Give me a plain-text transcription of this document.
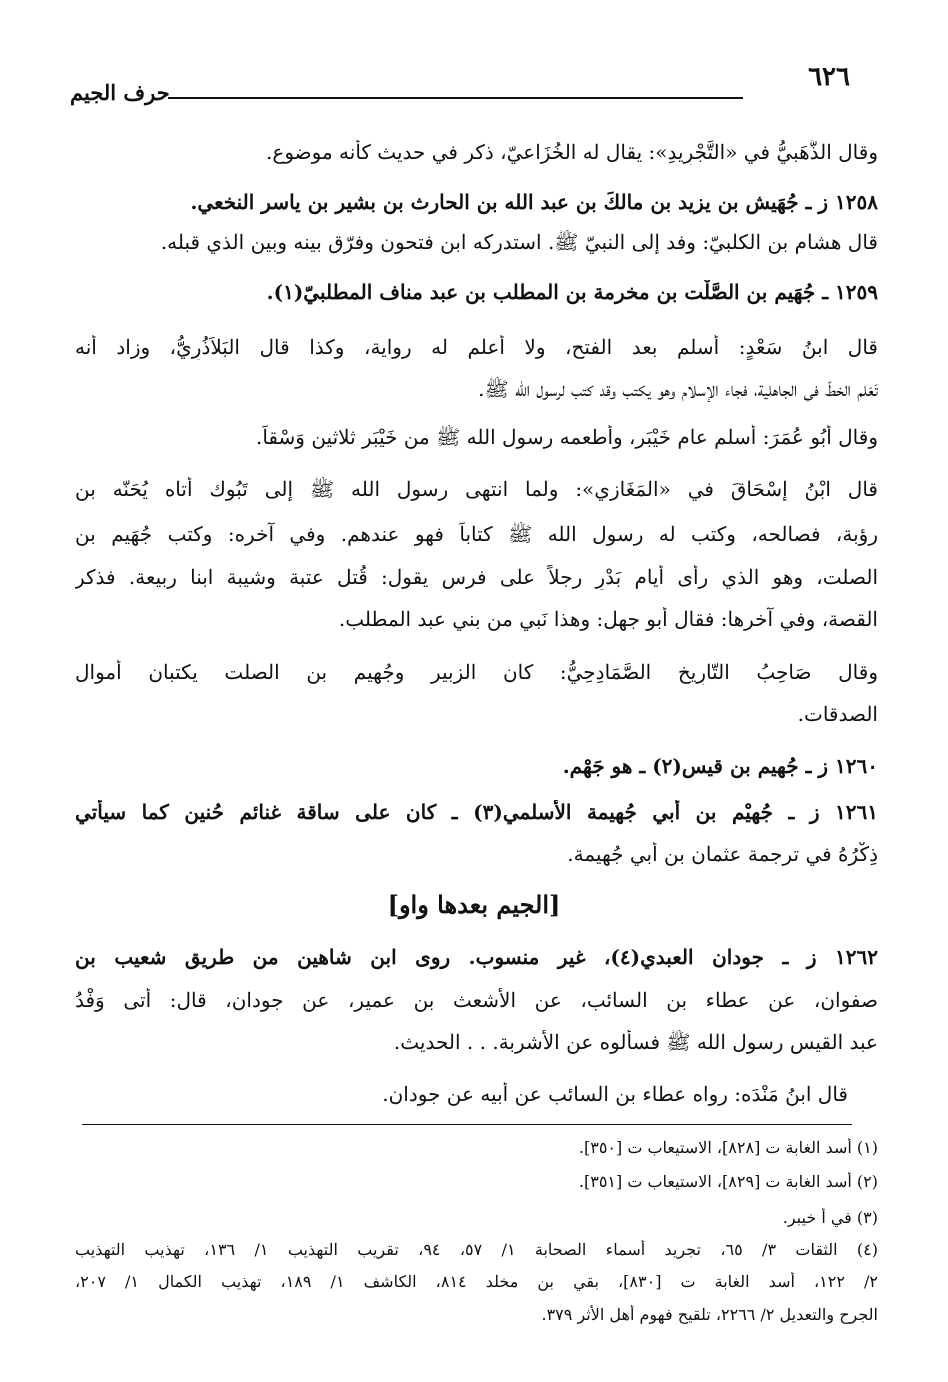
٦٢٦
حرف الجيم
وقال الذَّهَبيُّ في «التَّجْرِيدِ»: يقال له الخُزَاعيّ، ذكر في حديث كأنه موضوع.
١٢٥٨ ز ـ جُهَيش بن يزيد بن مالكَ بن عبد الله بن الحارث بن بشير بن ياسر النخعي.
قال هشام بن الكلبيّ: وفد إلى النبيّ ﷺ. استدركه ابن فتحون وفرّق بينه وبين الذي قبله.
١٢٥٩ ـ جُهَيم بن الصَّلْت بن مخرمة بن المطلب بن عبد مناف المطلبيّ(١).
قال ابنُ سَعْدٍ: أسلم بعد الفتح، ولا أعلم له رواية، وكذا قال البَلاَذُرِيُّ، وزاد أنه
تَعَلم الخطّ في الجاهلية، فجاء الإسلام وهو يكتب وقد كتب لرسول الله ﷺ.
وقال أبُو عُمَرَ: أسلم عام خَيْبَر، وأطعمه رسول الله ﷺ من خَيْبَر ثلاثين وَسْقاً.
قال ابْنُ إسْحَاقَ في «المَغَازي»: ولما انتهى رسول الله ﷺ إلى تَبُوك أتاه يُحَنّه بن
رؤبة، فصالحه، وكتب له رسول الله ﷺ كتاباً فهو عندهم. وفي آخره: وكتب جُهَيم بن
الصلت، وهو الذي رأى أيام بَدْرٍ رجلاً على فرس يقول: قُتل عتبة وشيبة ابنا ربيعة. فذكر
القصة، وفي آخرها: فقال أبو جهل: وهذا نَبي من بني عبد المطلب.
وقال صَاحِبُ التّارِيخِ الصَّمَادِحِيُّ: كان الزبير وجُهيم بن الصلت يكتبان أموال
الصدقات.
١٢٦٠ ز ـ جُهيم بن قيس(٢) ـ هو جَهْم.
١٢٦١ ز ـ جُهيْم بن أبي جُهيمة الأسلمي(٣) ـ كان على ساقة غنائم حُنين كما سيأتي
ذِكْرُهُ في ترجمة عثمان بن أبي جُهيمة.
[الجيم بعدها واو]
١٢٦٢ ز ـ جودان العبدي(٤)، غير منسوب. روى ابن شاهين من طريق شعيب بن
صفوان، عن عطاء بن السائب، عن الأشعث بن عمير، عن جودان، قال: أتى وَفْدُ
عبد القيس رسول الله ﷺ فسألوه عن الأشربة. . . الحديث.
قال ابنُ مَنْدَه: رواه عطاء بن السائب عن أبيه عن جودان.
(١) أسد الغابة ت [٨٢٨]، الاستيعاب ت [٣٥٠].
(٢) أسد الغابة ت [٨٢٩]، الاستيعاب ت [٣٥١].
(٣) في أ خيبر.
(٤) الثقات ٣/ ٦٥، تجريد أسماء الصحابة ١/ ٥٧، ٩٤، تقريب التهذيب ١/ ١٣٦، تهذيب التهذيب
٢/ ١٢٢، أسد الغابة ت [٨٣٠]، بقي بن مخلد ٨١٤، الكاشف ١/ ١٨٩، تهذيب الكمال ١/ ٢٠٧،
الجرح والتعديل ٢/ ٢٢٦٦، تلقيح فهوم أهل الأثر ٣٧٩.
